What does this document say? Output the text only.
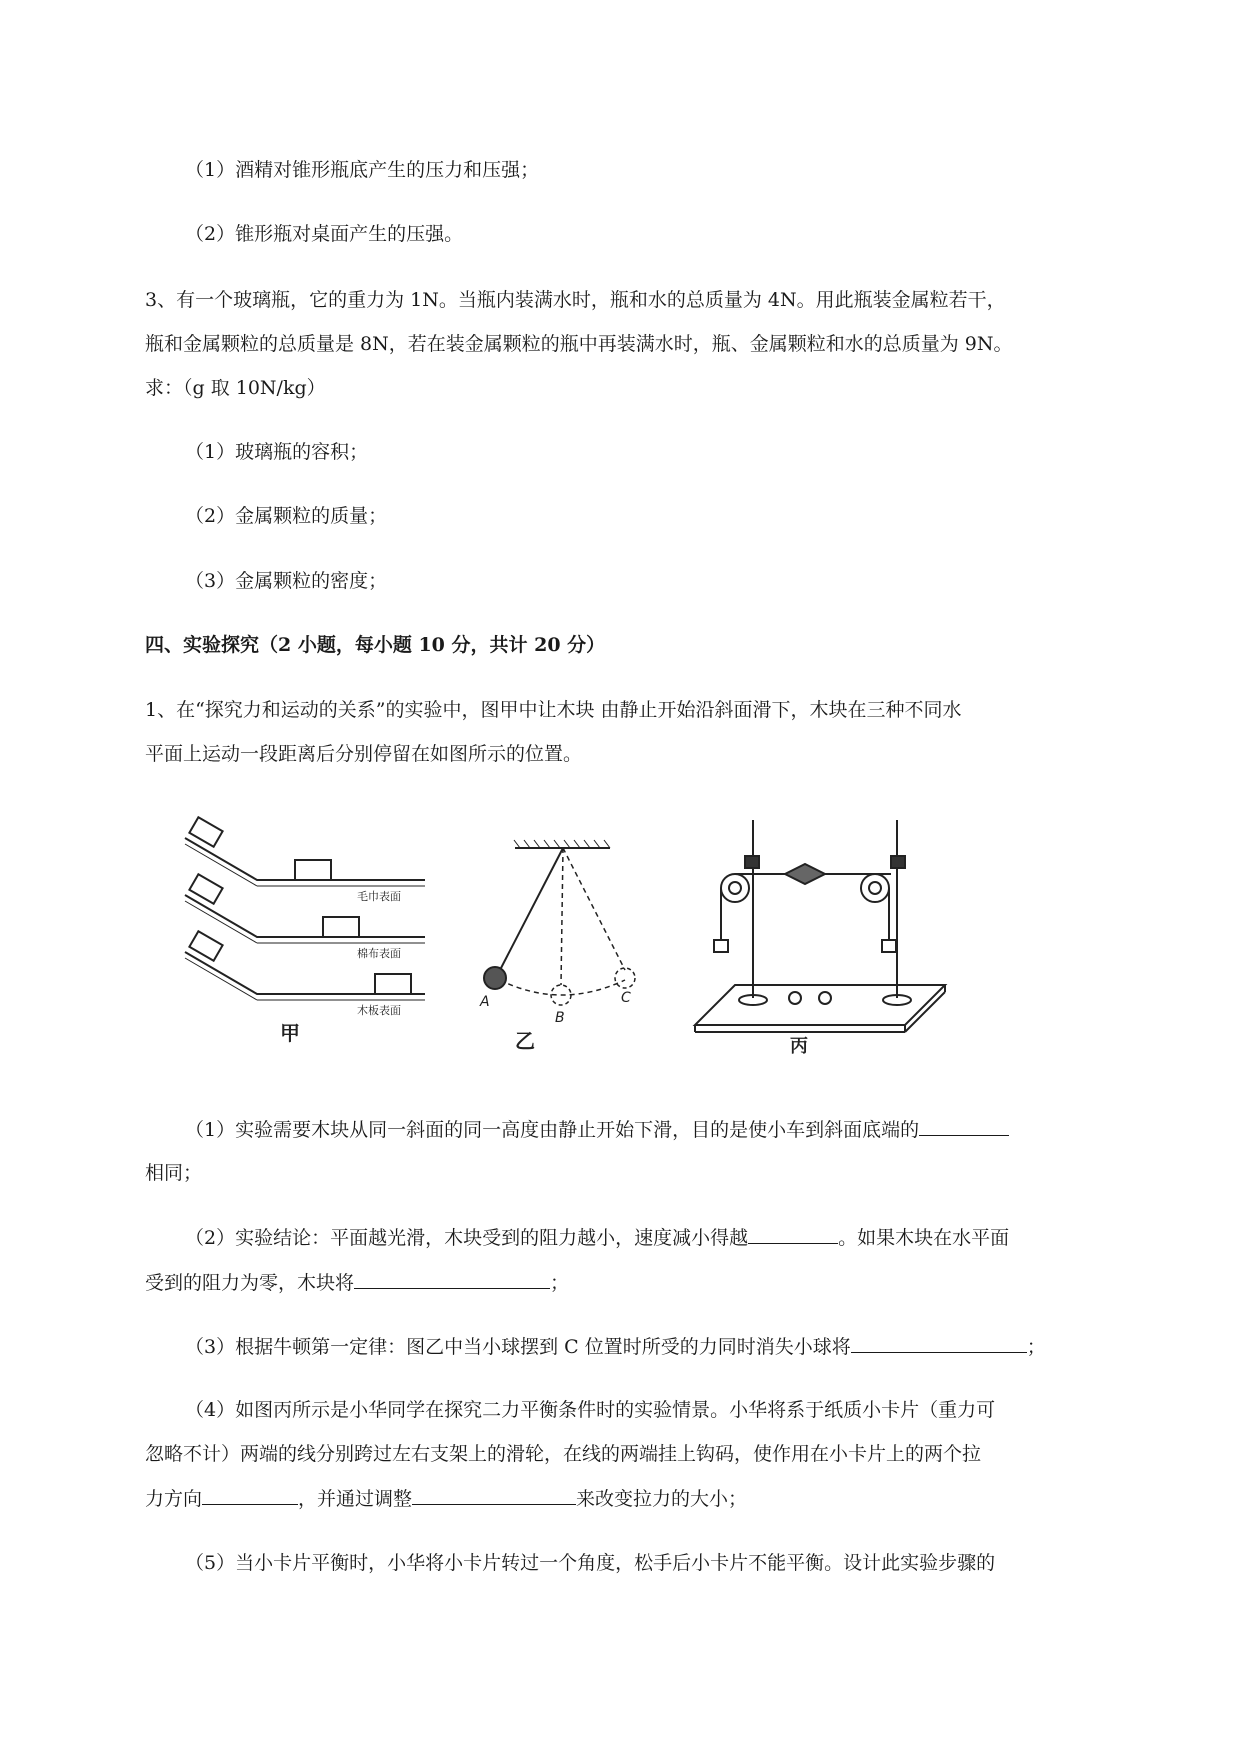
（1）酒精对锥形瓶底产生的压力和压强；
（2）锥形瓶对桌面产生的压强。
3、有一个玻璃瓶，它的重力为 1N。当瓶内装满水时，瓶和水的总质量为 4N。用此瓶装金属粒若干，
瓶和金属颗粒的总质量是 8N，若在装金属颗粒的瓶中再装满水时，瓶、金属颗粒和水的总质量为 9N。
求：（g 取 10N/kg）
（1）玻璃瓶的容积；
（2）金属颗粒的质量；
（3）金属颗粒的密度；
四、实验探究（2 小题，每小题 10 分，共计 20 分）
1、在“探究力和运动的关系”的实验中，图甲中让木块 由静止开始沿斜面滑下，木块在三种不同水
平面上运动一段距离后分别停留在如图所示的位置。
毛巾表面
棉布表面
木板表面
甲
A
B
C
乙	丙
（1）实验需要木块从同一斜面的同一高度由静止开始下滑，目的是使小车到斜面底端的
相同；
（2）实验结论：平面越光滑，木块受到的阻力越小，速度减小得越	。如果木块在水平面
受到的阻力为零，木块将	；
（3）根据牛顿第一定律：图乙中当小球摆到 C 位置时所受的力同时消失小球将	；
（4）如图丙所示是小华同学在探究二力平衡条件时的实验情景。小华将系于纸质小卡片（重力可
忽略不计）两端的线分别跨过左右支架上的滑轮，在线的两端挂上钩码，使作用在小卡片上的两个拉
力方向	，并通过调整	来改变拉力的大小；
（5）当小卡片平衡时，小华将小卡片转过一个角度，松手后小卡片不能平衡。设计此实验步骤的
